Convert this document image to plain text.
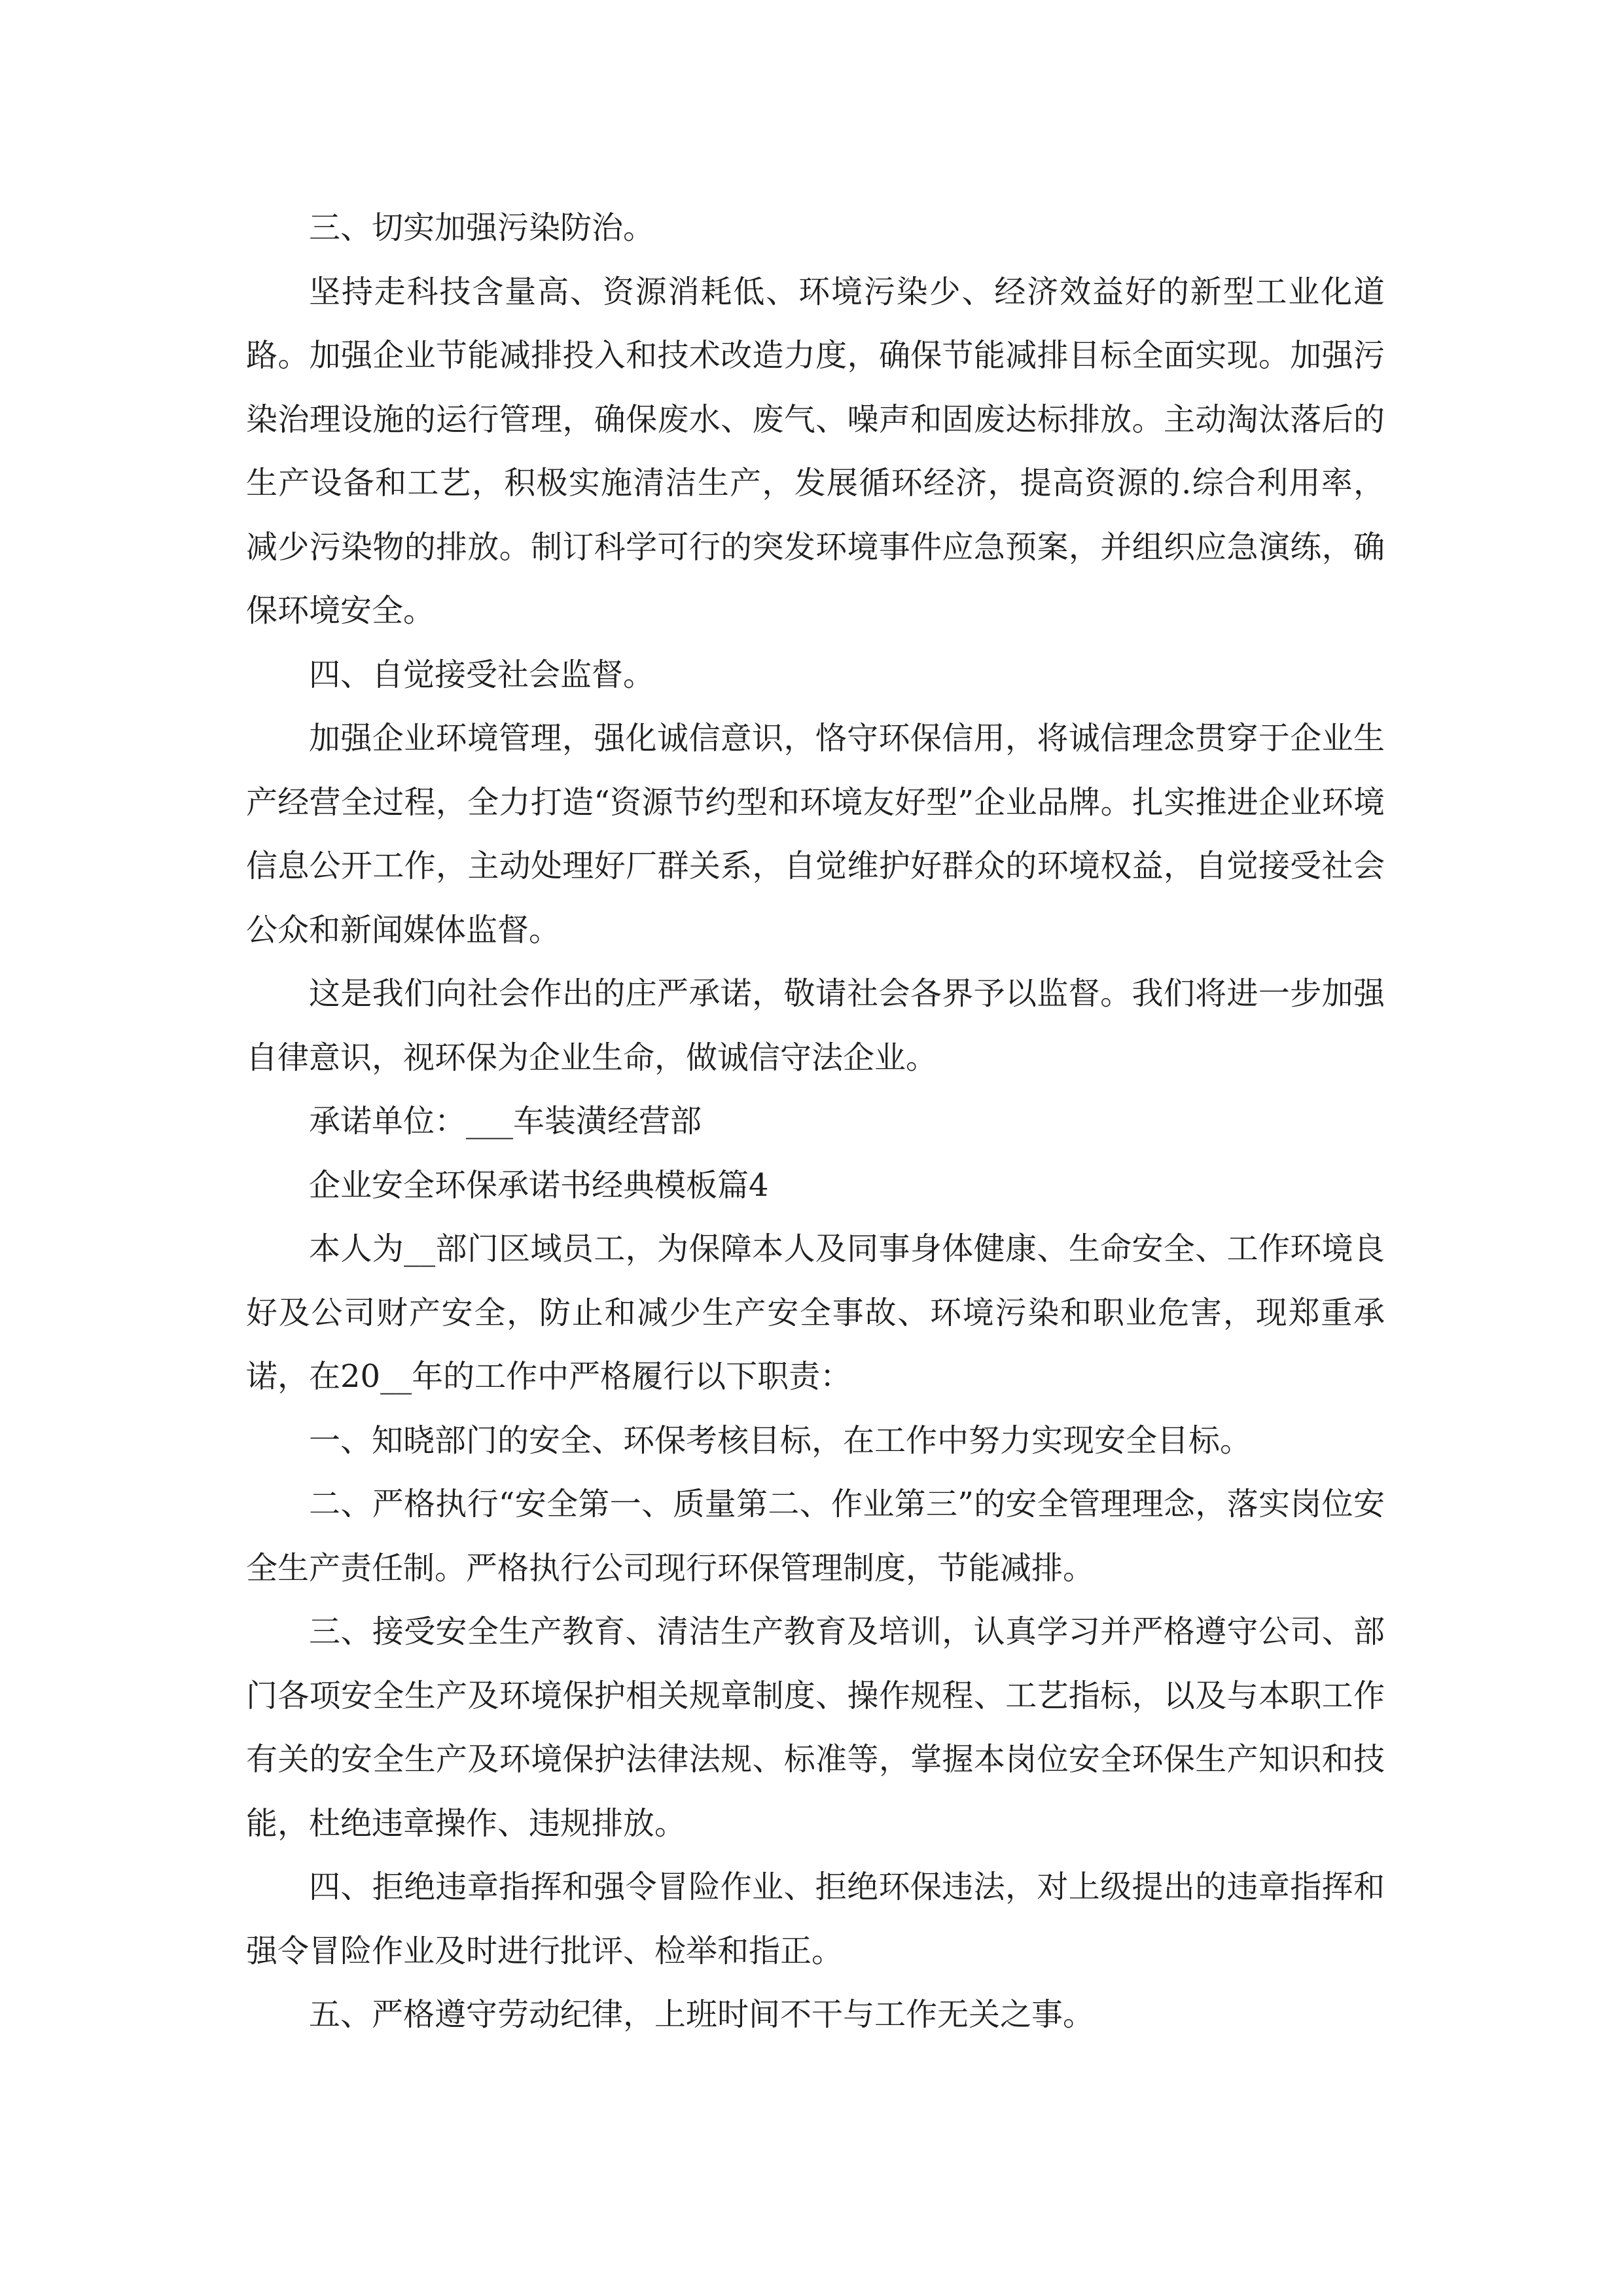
三、切实加强污染防治。

坚持走科技含量高、资源消耗低、环境污染少、经济效益好的新型工业化道路。加强企业节能减排投入和技术改造力度，确保节能减排目标全面实现。加强污染治理设施的运行管理，确保废水、废气、噪声和固废达标排放。主动淘汰落后的生产设备和工艺，积极实施清洁生产，发展循环经济，提高资源的.综合利用率，减少污染物的排放。制订科学可行的突发环境事件应急预案，并组织应急演练，确保环境安全。

四、自觉接受社会监督。

加强企业环境管理，强化诚信意识，恪守环保信用，将诚信理念贯穿于企业生产经营全过程，全力打造“资源节约型和环境友好型”企业品牌。扎实推进企业环境信息公开工作，主动处理好厂群关系，自觉维护好群众的环境权益，自觉接受社会公众和新闻媒体监督。

这是我们向社会作出的庄严承诺，敬请社会各界予以监督。我们将进一步加强自律意识，视环保为企业生命，做诚信守法企业。

承诺单位：___车装潢经营部

企业安全环保承诺书经典模板篇4

本人为__部门区域员工，为保障本人及同事身体健康、生命安全、工作环境良好及公司财产安全，防止和减少生产安全事故、环境污染和职业危害，现郑重承诺，在20__年的工作中严格履行以下职责：

一、知晓部门的安全、环保考核目标，在工作中努力实现安全目标。

二、严格执行“安全第一、质量第二、作业第三”的安全管理理念，落实岗位安全生产责任制。严格执行公司现行环保管理制度，节能减排。

三、接受安全生产教育、清洁生产教育及培训，认真学习并严格遵守公司、部门各项安全生产及环境保护相关规章制度、操作规程、工艺指标，以及与本职工作有关的安全生产及环境保护法律法规、标准等，掌握本岗位安全环保生产知识和技能，杜绝违章操作、违规排放。

四、拒绝违章指挥和强令冒险作业、拒绝环保违法，对上级提出的违章指挥和强令冒险作业及时进行批评、检举和指正。

五、严格遵守劳动纪律，上班时间不干与工作无关之事。
